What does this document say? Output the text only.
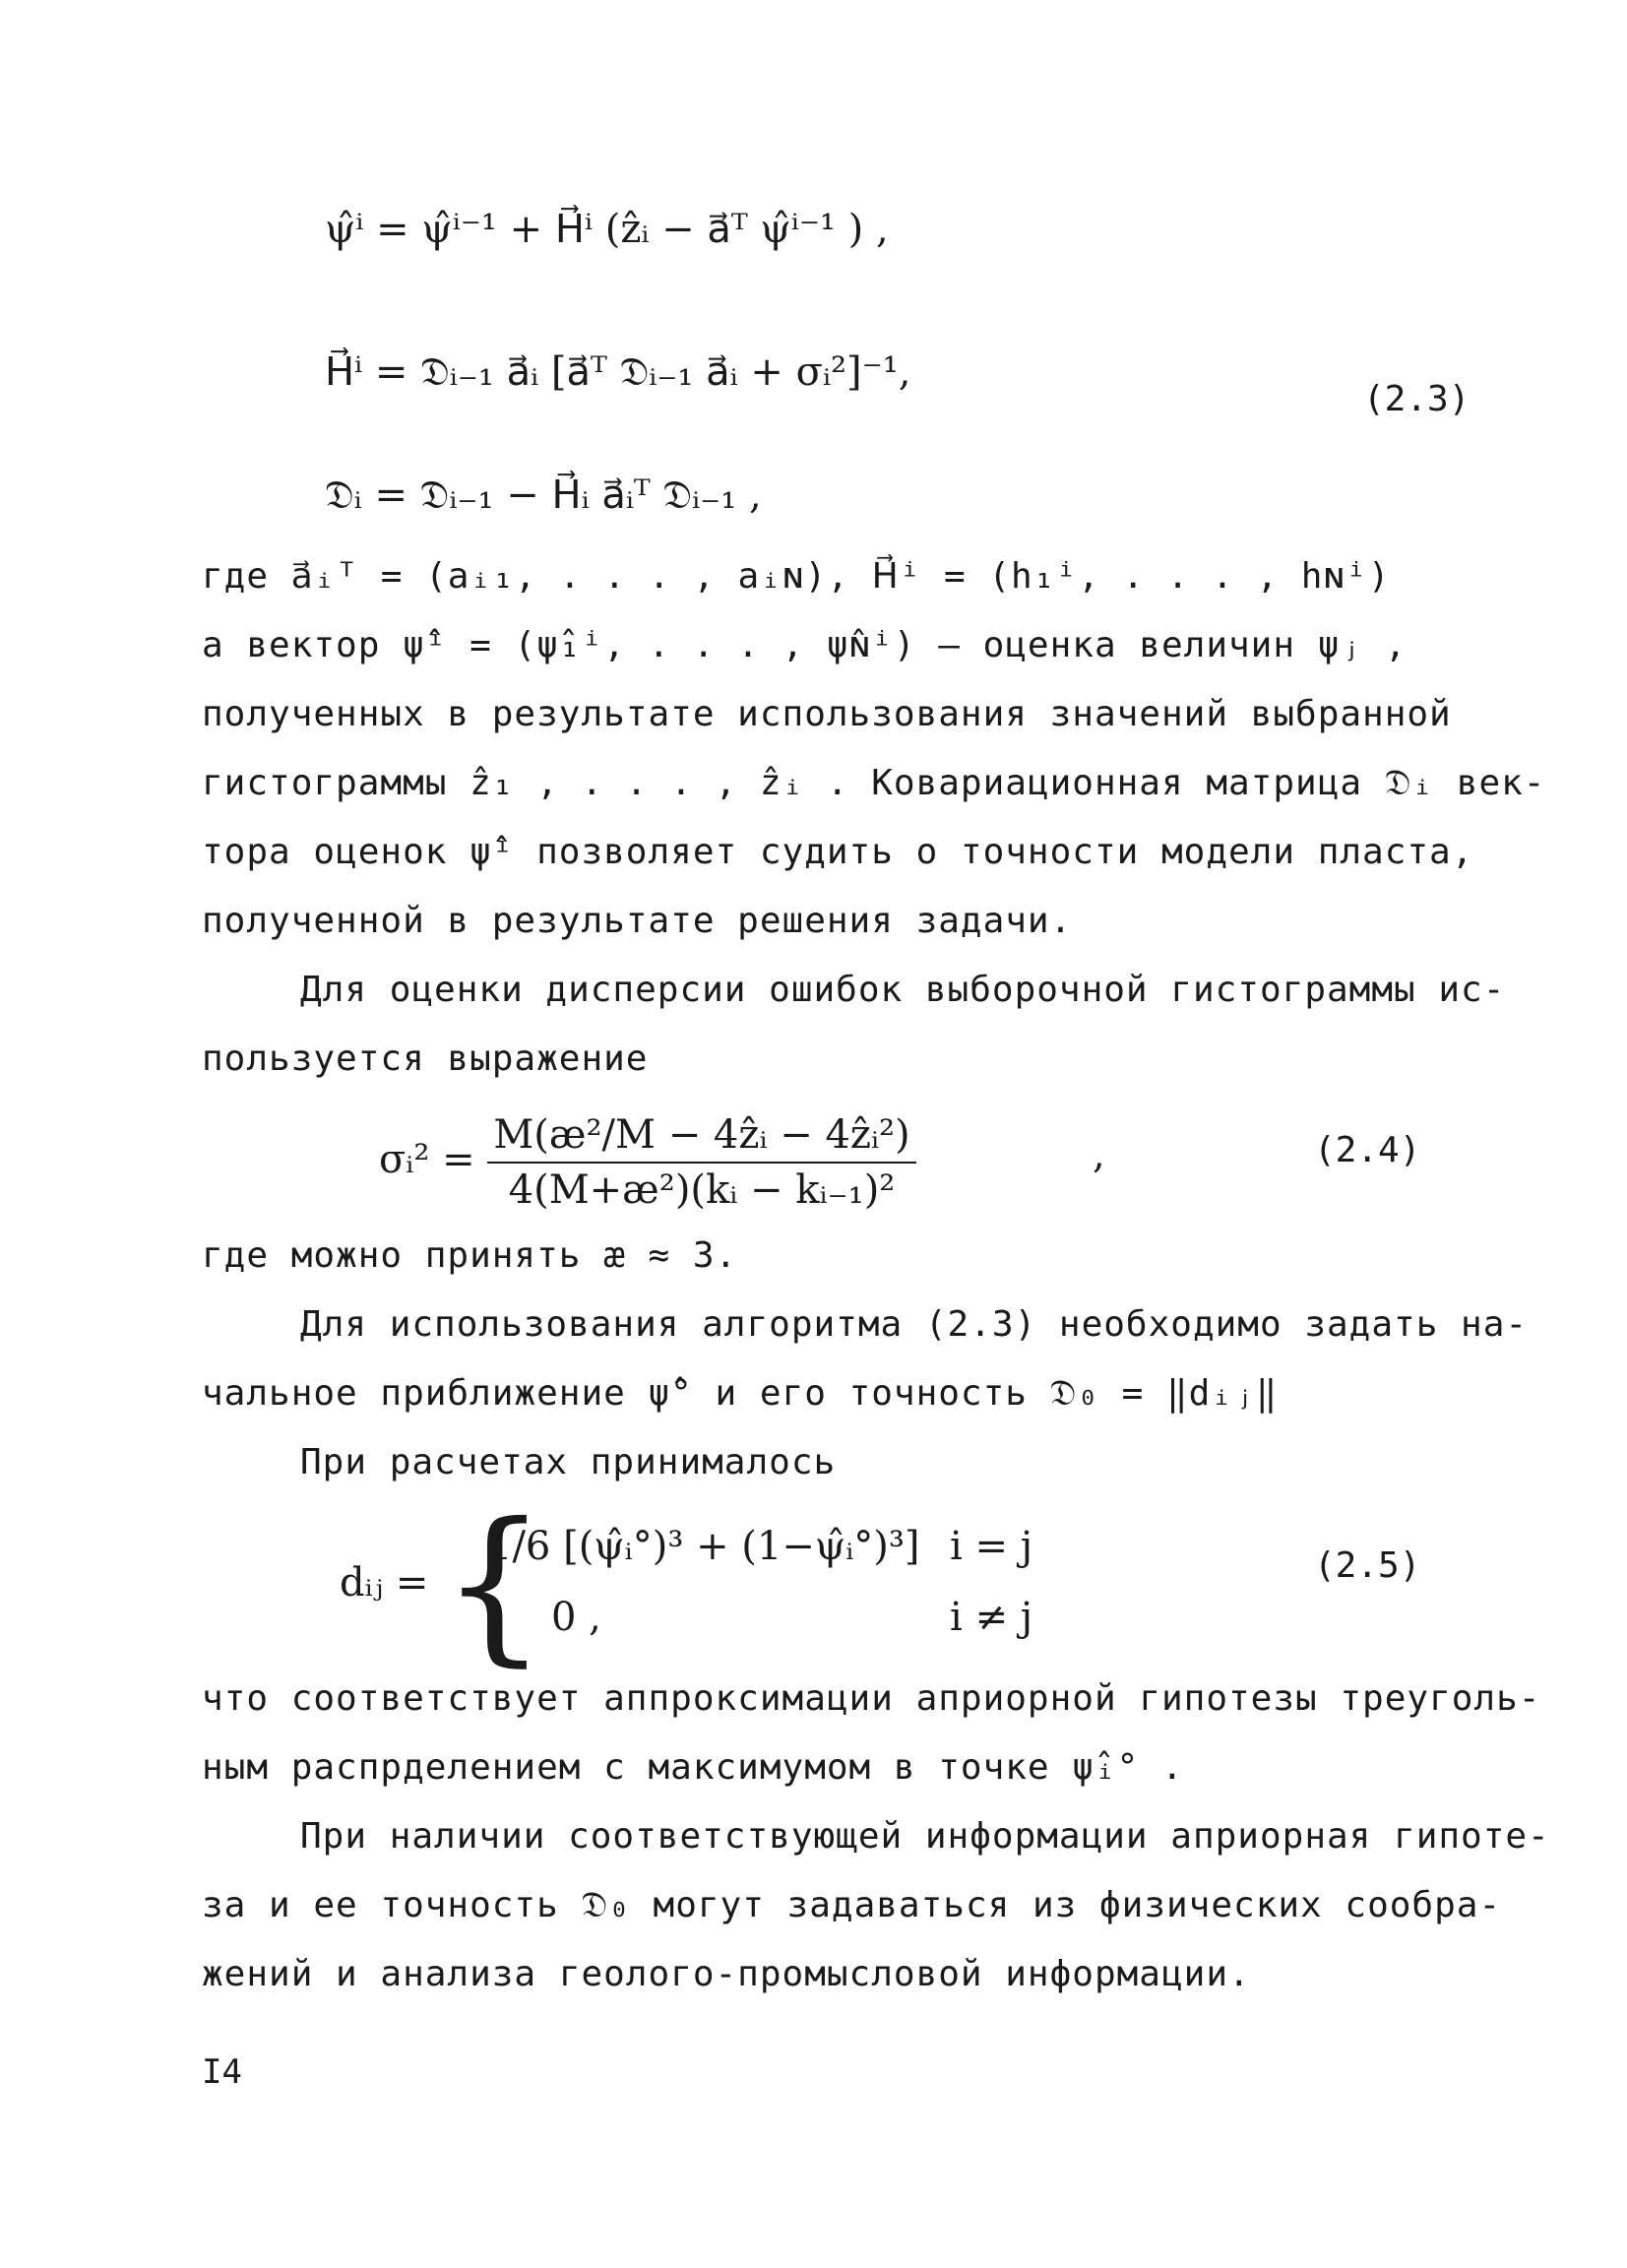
ψ̂ⁱ = ψ̂ⁱ⁻¹ + H⃗ⁱ (ẑᵢ − a⃗ᵀ ψ̂ⁱ⁻¹ ) ,
H⃗ⁱ = 𝔇ᵢ₋₁ a⃗ᵢ [a⃗ᵀ 𝔇ᵢ₋₁ a⃗ᵢ + σᵢ²]⁻¹,
(2.3)
𝔇ᵢ = 𝔇ᵢ₋₁ − H⃗ᵢ a⃗ᵢᵀ 𝔇ᵢ₋₁ ,
где a⃗ᵢᵀ = (aᵢ₁, . . . , aᵢɴ), H⃗ⁱ = (h₁ⁱ, . . . , hɴⁱ)
а вектор ψ̂ⁱ = (ψ̂₁ⁱ, . . . , ψ̂ɴⁱ) – оценка величин ψⱼ ,
полученных в результате использования значений выбранной
гистограммы ẑ₁ , . . . , ẑᵢ . Ковариационная матрица 𝔇ᵢ век-
тора оценок ψ̂ⁱ позволяет судить о точности модели пласта,
полученной в результате решения задачи.
Для оценки дисперсии ошибок выборочной гистограммы ис-
пользуется выражение
σᵢ² = $\frac{\text{M(æ²/M − 4ẑᵢ − 4ẑᵢ²)}}{\text{4(M+æ²)(kᵢ − kᵢ₋₁)²}}$	,	(2.4)
где можно принять æ ≈ 3.
Для использования алгоритма (2.3) необходимо задать на-
чальное приближение ψ̂° и его точность 𝔇₀ = ‖dᵢⱼ‖
При расчетах принималось
dᵢⱼ = {
1/6 [(ψ̂ᵢ°)³ + (1−ψ̂ᵢ°)³] i = j
0 ,	i ≠ j
(2.5)
что соответствует аппроксимации априорной гипотезы треуголь-
ным распрделением с максимумом в точке ψ̂ᵢ° .
При наличии соответствующей информации априорная гипоте-
за и ее точность 𝔇₀ могут задаваться из физических сообра-
жений и анализа геолого-промысловой информации.
I4
